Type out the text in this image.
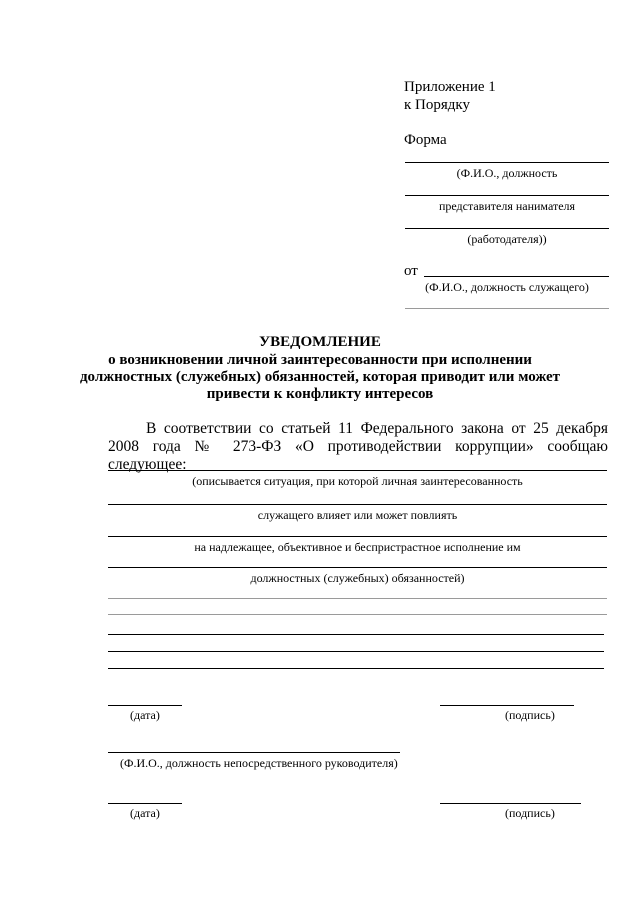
Приложение 1
к Порядку
Форма
(Ф.И.О., должность
представителя нанимателя
(работодателя))
от
(Ф.И.О., должность служащего)
УВЕДОМЛЕНИЕ
о возникновении личной заинтересованности при исполнении
должностных (служебных) обязанностей, которая приводит или может
привести к конфликту интересов
В соответствии со статьей 11 Федерального закона от 25 декабря
2008 года № 273-ФЗ «О противодействии коррупции» сообщаю следующее:
(описывается ситуация, при которой личная заинтересованность
служащего влияет или может повлиять
на надлежащее, объективное и беспристрастное исполнение им
должностных (служебных) обязанностей)
(дата)	(подпись)
(Ф.И.О., должность непосредственного руководителя)
(дата)	(подпись)
